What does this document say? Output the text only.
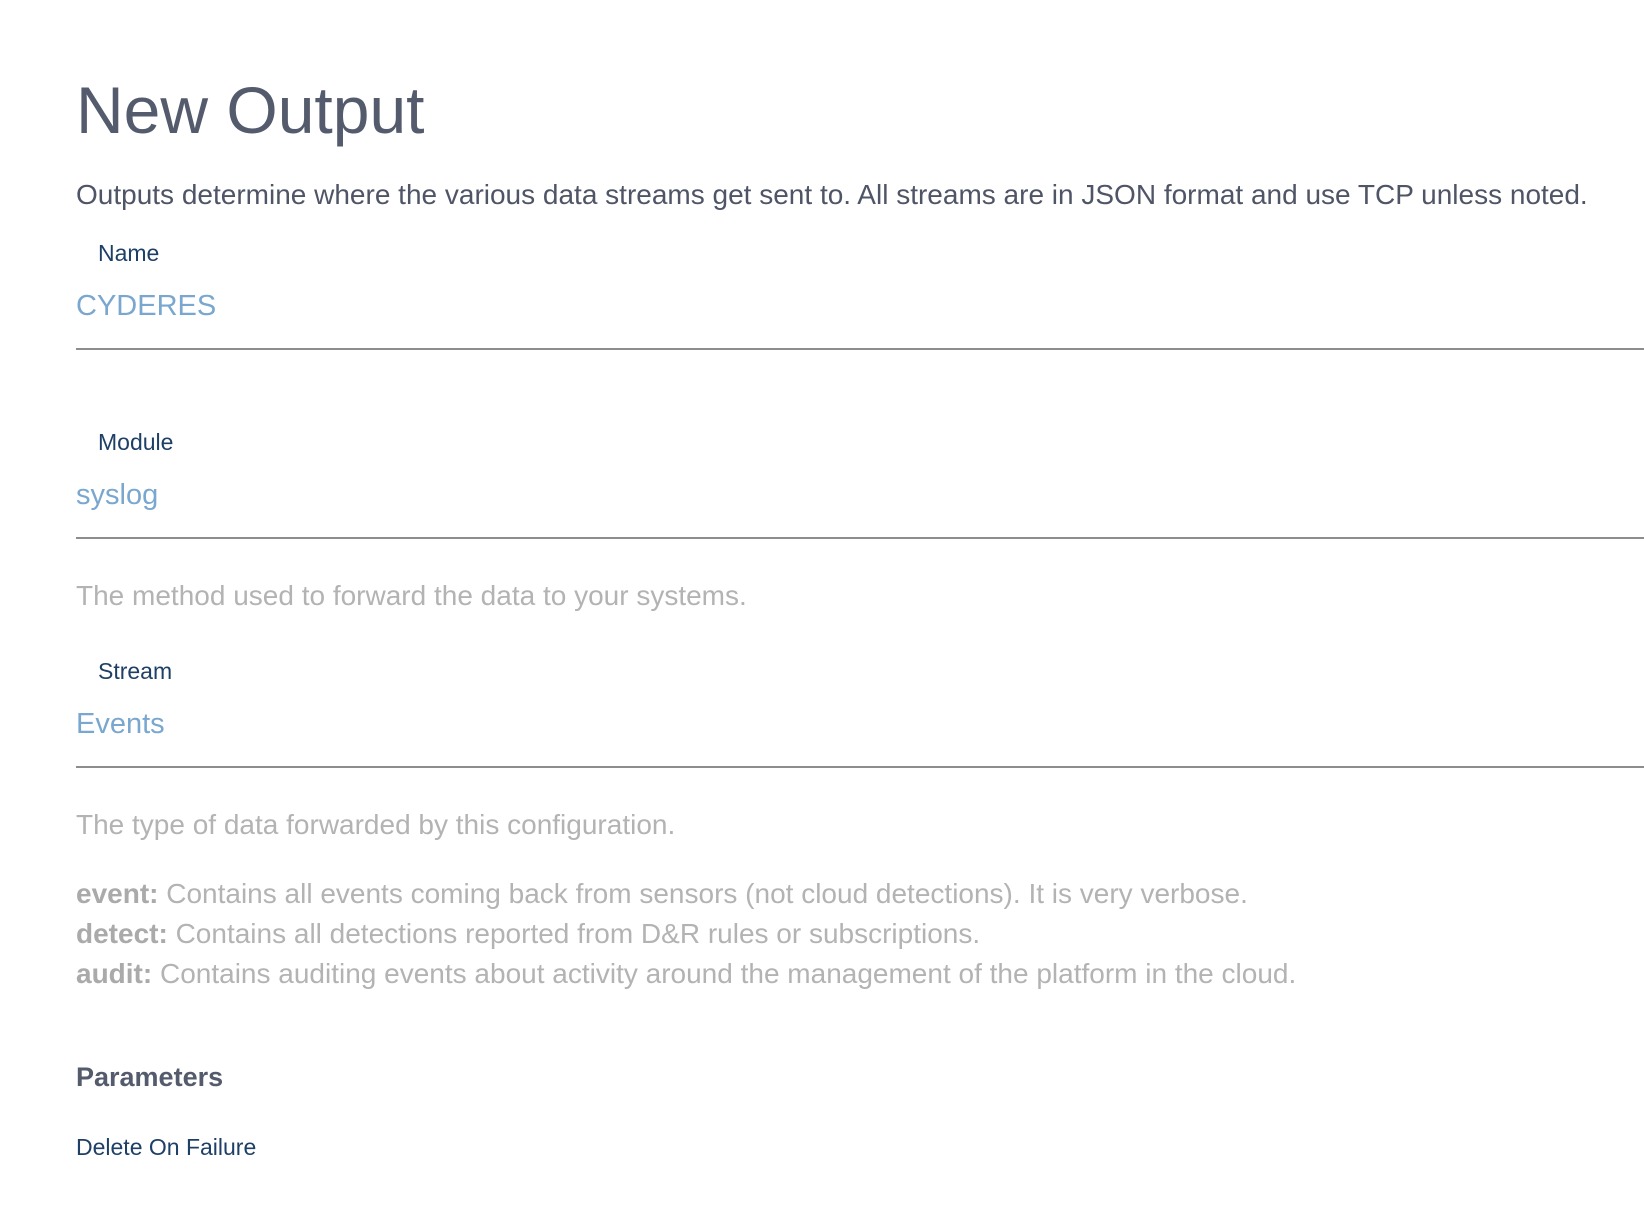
New Output

Outputs determine where the various data streams get sent to. All streams are in JSON format and use TCP unless noted.

Name
CYDERES
Module
syslog
The method used to forward the data to your systems.
Stream
Events
The type of data forwarded by this configuration.
event: Contains all events coming back from sensors (not cloud detections). It is very verbose.
detect: Contains all detections reported from D&R rules or subscriptions.
audit: Contains auditing events about activity around the management of the platform in the cloud.
Parameters
Delete On Failure
